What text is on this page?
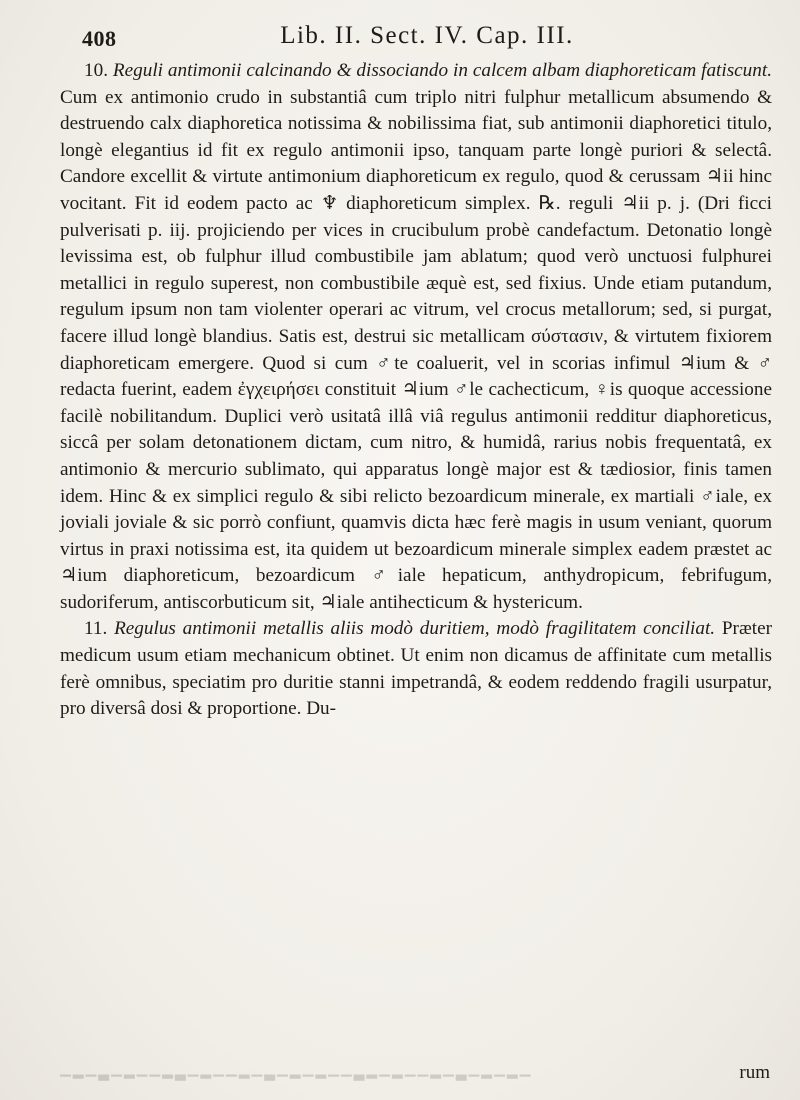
408	Lib. II. Sect. IV. Cap. III.

10. Reguli antimonii calcinando & dissociando in calcem albam diaphoreticam fatiscunt. Cum ex antimonio crudo in substantiâ cum triplo nitri fulphur metallicum absumendo & destruendo calx diaphoretica notissima & nobilissima fiat, sub antimonii diaphoretici titulo, longè elegantius id fit ex regulo antimonii ipso, tanquam parte longè puriori & selectâ. Candore excellit & virtute antimonium diaphoreticum ex regulo, quod & cerussam ♃ii hinc vocitant. Fit id eodem pacto ac ♆ diaphoreticum simplex. ℞. reguli ♃ii p. j. (Dri ficci pulverisati p. iij. projiciendo per vices in crucibulum probè candefactum. Detonatio longè levissima est, ob fulphur illud combustibile jam ablatum; quod verò unctuosi fulphurei metallici in regulo superest, non combustibile æquè est, sed fixius. Unde etiam putandum, regulum ipsum non tam violenter operari ac vitrum, vel crocus metallorum; sed, si purgat, facere illud longè blandius. Satis est, destrui sic metallicam σύστασιν, & virtutem fixiorem diaphoreticam emergere. Quod si cum ♂te coaluerit, vel in scorias infimul ♃ium & ♂ redacta fuerint, eadem ἐγχειρήσει constituit ♃ium ♂le cachecticum, ♀is quoque accessione facilè nobilitandum. Duplici verò usitatâ illâ viâ regulus antimonii redditur diaphoreticus, siccâ per solam detonationem dictam, cum nitro, & humidâ, rarius nobis frequentatâ, ex antimonio & mercurio sublimato, qui apparatus longè major est & tædiosior, finis tamen idem. Hinc & ex simplici regulo & sibi relicto bezoardicum minerale, ex martiali ♂iale, ex joviali joviale & sic porrò confiunt, quamvis dicta hæc ferè magis in usum veniant, quorum virtus in praxi notissima est, ita quidem ut bezoardicum minerale simplex eadem præstet ac ♃ium diaphoreticum, bezoardicum ♂iale hepaticum, anthydropicum, febrifugum, sudoriferum, antiscorbuticum sit, ♃iale antihecticum & hystericum.

11. Regulus antimonii metallis aliis modò duritiem, modò fragilitatem conciliat. Præter medicum usum etiam mechanicum obtinet. Ut enim non dicamus de affinitate cum metallis ferè omnibus, speciatim pro duritie stanni impetrandâ, & eodem reddendo fragili usurpatur, pro diversâ dosi & proportione. Du-

rum
▁▂▁▃▁▂▁▁▂▃▁▂▁▁▂▁▃▁▂▁▂▁▁▃▂▁▂▁▁▂▁▃▁▂▁▂▁
